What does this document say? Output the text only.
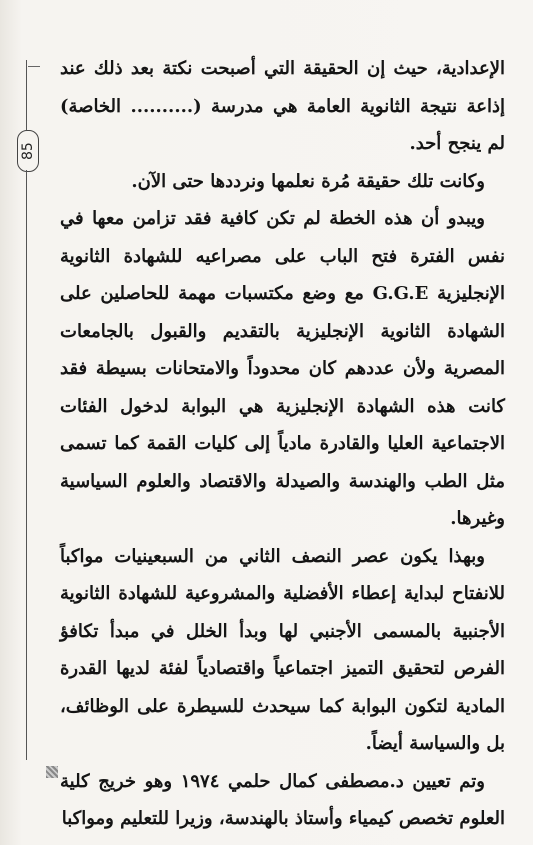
85

الإعدادية، حيث إن الحقيقة التي أصبحت نكتة بعد ذلك عند إذاعة نتيجة الثانوية العامة هي مدرسة (.......... الخاصة) لم ينجح أحد.

وكانت تلك حقيقة مُرة نعلمها ونرددها حتى الآن.

ويبدو أن هذه الخطة لم تكن كافية فقد تزامن معها في نفس الفترة فتح الباب على مصراعيه للشهادة الثانوية الإنجليزية G.G.E مع وضع مكتسبات مهمة للحاصلين على الشهادة الثانوية الإنجليزية بالتقديم والقبول بالجامعات المصرية ولأن عددهم كان محدوداً والامتحانات بسيطة فقد كانت هذه الشهادة الإنجليزية هي البوابة لدخول الفئات الاجتماعية العليا والقادرة مادياً إلى كليات القمة كما تسمى مثل الطب والهندسة والصيدلة والاقتصاد والعلوم السياسية وغيرها.

وبهذا يكون عصر النصف الثاني من السبعينيات مواكباً للانفتاح لبداية إعطاء الأفضلية والمشروعية للشهادة الثانوية الأجنبية بالمسمى الأجنبي لها وبدأ الخلل في مبدأ تكافؤ الفرص لتحقيق التميز اجتماعياً واقتصادياً لفئة لديها القدرة المادية لتكون البوابة كما سيحدث للسيطرة على الوظائف، بل والسياسة أيضاً.

وتم تعيين د.مصطفى كمال حلمي ١٩٧٤ وهو خريج كلية العلوم تخصص كيمياء وأستاذ بالهندسة، وزيرا للتعليم ومواكبا
